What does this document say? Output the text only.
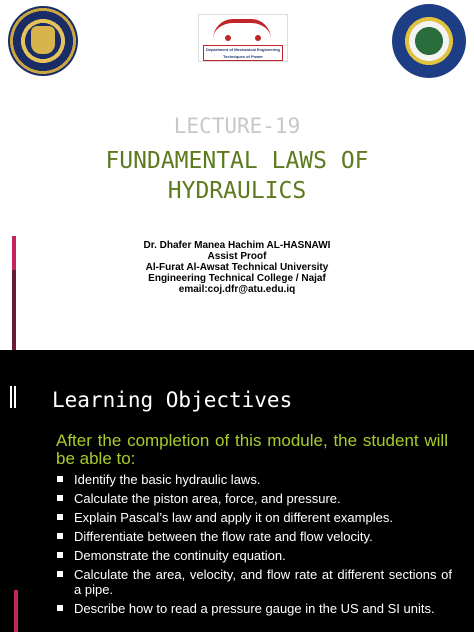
Department of Mechanical Engineering Techniques of Power
LECTURE-19
FUNDAMENTAL LAWS OF
HYDRAULICS
Dr. Dhafer Manea Hachim AL-HASNAWI
Assist Proof
Al-Furat Al-Awsat Technical University
Engineering Technical College / Najaf
email:coj.dfr@atu.edu.iq
Learning Objectives
After the completion of this module, the student will be able to:
Identify the basic hydraulic laws.
Calculate the piston area, force, and pressure.
Explain Pascal’s law and apply it on different examples.
Differentiate between the flow rate and flow velocity.
Demonstrate the continuity equation.
Calculate the area, velocity, and flow rate at different sections of a pipe.
Describe how to read a pressure gauge in the US and SI units.
